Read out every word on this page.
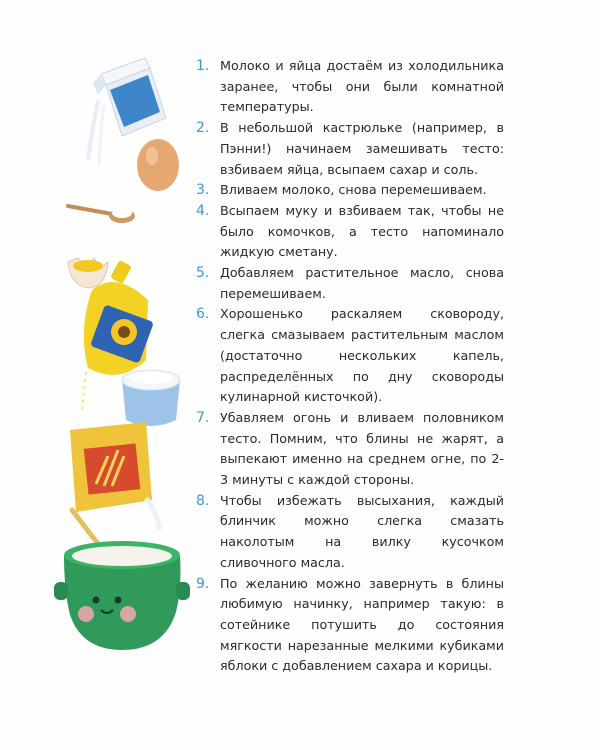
1. Молоко и яйца достаём из холодильника заранее, чтобы они были комнатной температуры.
2. В небольшой кастрюльке (например, в Пэнни!) начинаем замешивать тесто: взбиваем яйца, всыпаем сахар и соль.
3. Вливаем молоко, снова перемешиваем.
4. Всыпаем муку и взбиваем так, чтобы не было комочков, а тесто напоминало жидкую сметану.
5. Добавляем растительное масло, снова перемешиваем.
6. Хорошенько раскаляем сковороду, слегка смазываем растительным маслом (достаточно нескольких капель, распределённых по дну сковороды кулинарной кисточкой).
7. Убавляем огонь и вливаем половником тесто. Помним, что блины не жарят, а выпекают именно на среднем огне, по 2-3 минуты с каждой стороны.
8. Чтобы избежать высыхания, каждый блинчик можно слегка смазать наколотым на вилку кусочком сливочного масла.
9. По желанию можно завернуть в блины любимую начинку, например такую: в сотейнике потушить до состояния мягкости нарезанные мелкими кубиками яблоки с добавлением сахара и корицы.
